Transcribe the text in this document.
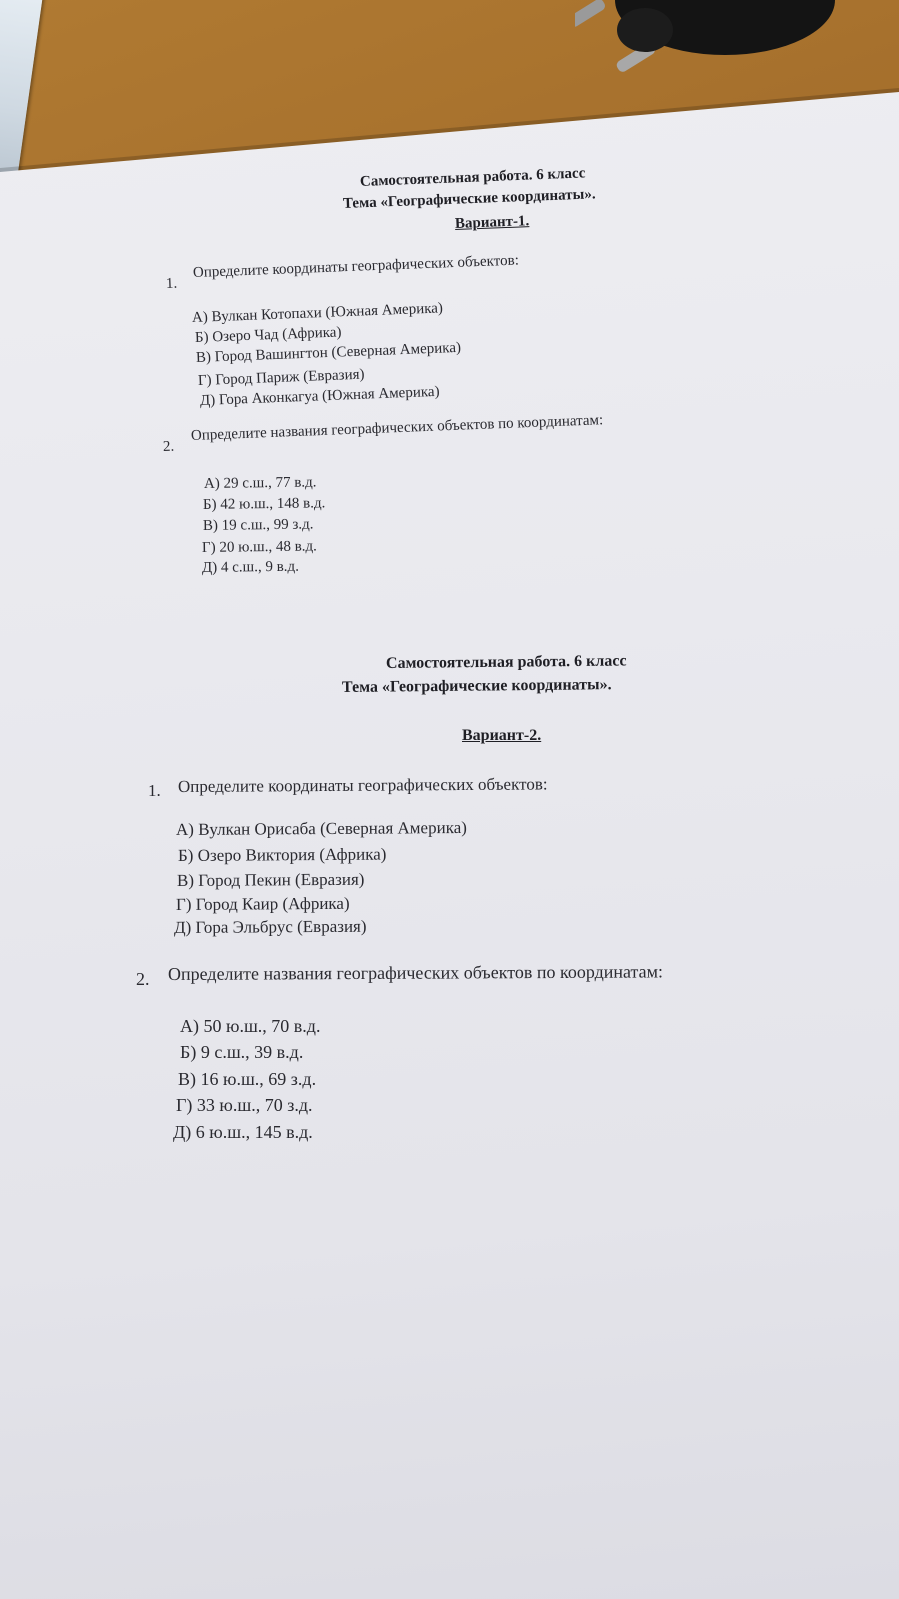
Самостоятельная работа. 6 класс

Тема «Географические координаты».

Вариант-1.

1.

Определите координаты географических объектов:

А) Вулкан Котопахи (Южная Америка)

Б) Озеро Чад (Африка)

В) Город Вашингтон (Северная Америка)

Г) Город Париж (Евразия)

Д) Гора Аконкагуа (Южная Америка)

2.

Определите названия географических объектов по координатам:

А) 29 с.ш., 77 в.д.

Б) 42 ю.ш., 148 в.д.

В) 19 с.ш., 99 з.д.

Г) 20 ю.ш., 48 в.д.

Д) 4 с.ш., 9 в.д.

Самостоятельная работа. 6 класс

Тема «Географические координаты».

Вариант-2.

1. Определите координаты географических объектов:

А) Вулкан Орисаба (Северная Америка)

Б) Озеро Виктория (Африка)

В) Город Пекин (Евразия)

Г) Город Каир (Африка)

Д) Гора Эльбрус (Евразия)

2. Определите названия географических объектов по координатам:

А) 50 ю.ш., 70 в.д.

Б) 9 с.ш., 39 в.д.

В) 16 ю.ш., 69 з.д.

Г) 33 ю.ш., 70 з.д.

Д) 6 ю.ш., 145 в.д.
